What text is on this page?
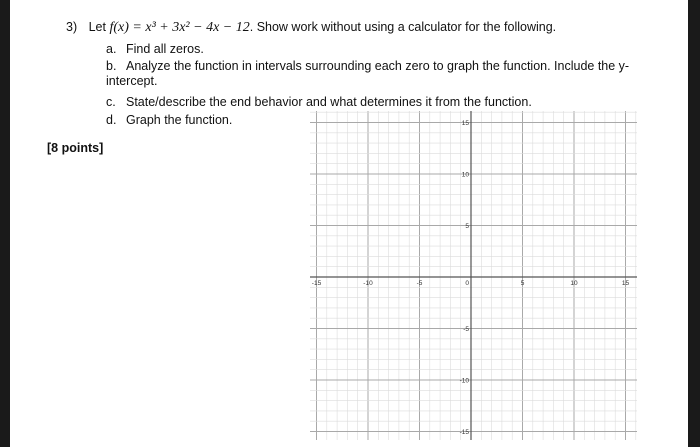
3) Let f(x) = x³ + 3x² − 4x − 12. Show work without using a calculator for the following.
a. Find all zeros.
b. Analyze the function in intervals surrounding each zero to graph the function. Include the y-intercept.
c. State/describe the end behavior and what determines it from the function.
d. Graph the function.
[8 points]
-15	-10	-5	0	5	10	15
15
10
5
-5
-10
-15
